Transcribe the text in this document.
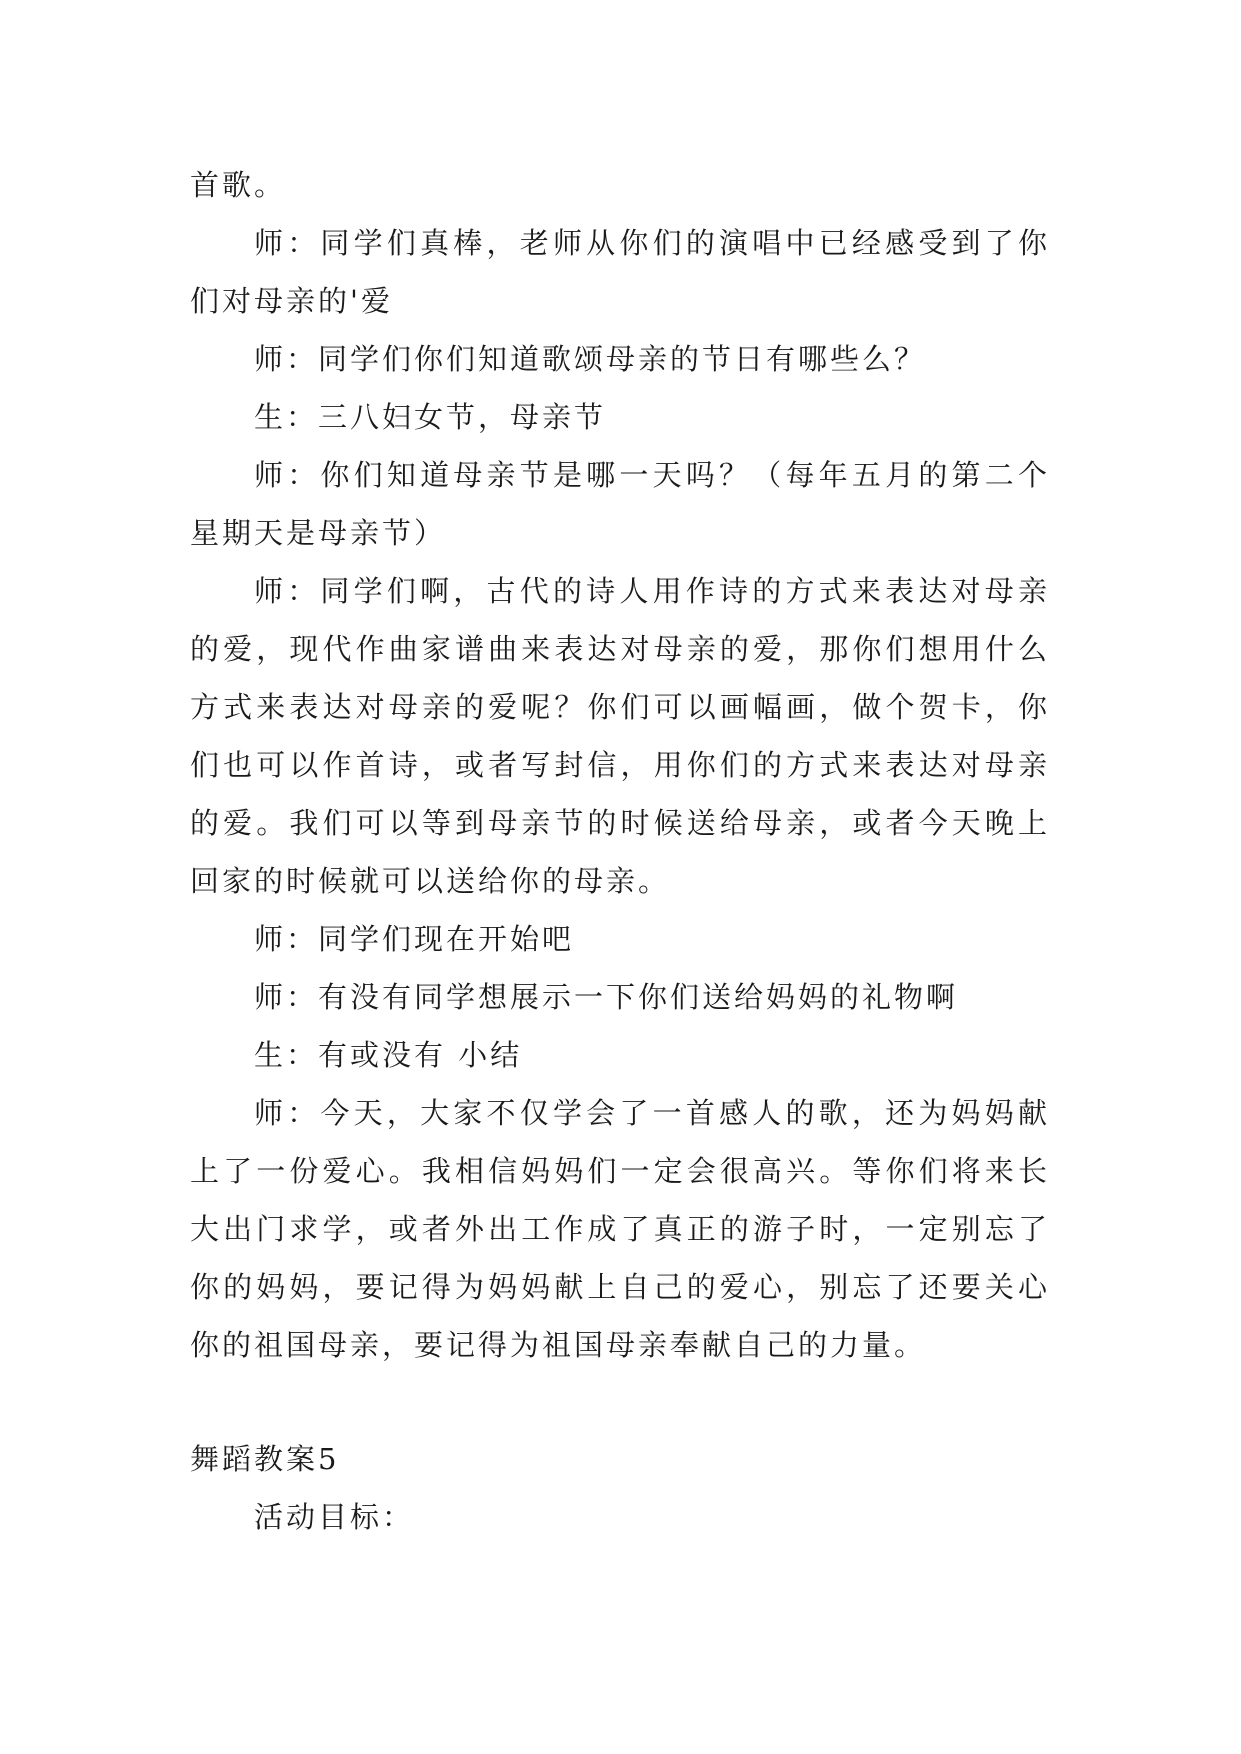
首歌。

师：同学们真棒，老师从你们的演唱中已经感受到了你们对母亲的'爱

师：同学们你们知道歌颂母亲的节日有哪些么？

生：三八妇女节，母亲节

师：你们知道母亲节是哪一天吗？（每年五月的第二个星期天是母亲节）

师：同学们啊，古代的诗人用作诗的方式来表达对母亲的爱，现代作曲家谱曲来表达对母亲的爱，那你们想用什么方式来表达对母亲的爱呢？你们可以画幅画，做个贺卡，你们也可以作首诗，或者写封信，用你们的方式来表达对母亲的爱。我们可以等到母亲节的时候送给母亲，或者今天晚上回家的时候就可以送给你的母亲。

师：同学们现在开始吧

师：有没有同学想展示一下你们送给妈妈的礼物啊

生：有或没有 小结

师：今天，大家不仅学会了一首感人的歌，还为妈妈献上了一份爱心。我相信妈妈们一定会很高兴。等你们将来长大出门求学，或者外出工作成了真正的游子时，一定别忘了你的妈妈，要记得为妈妈献上自己的爱心，别忘了还要关心你的祖国母亲，要记得为祖国母亲奉献自己的力量。

舞蹈教案5

活动目标：
